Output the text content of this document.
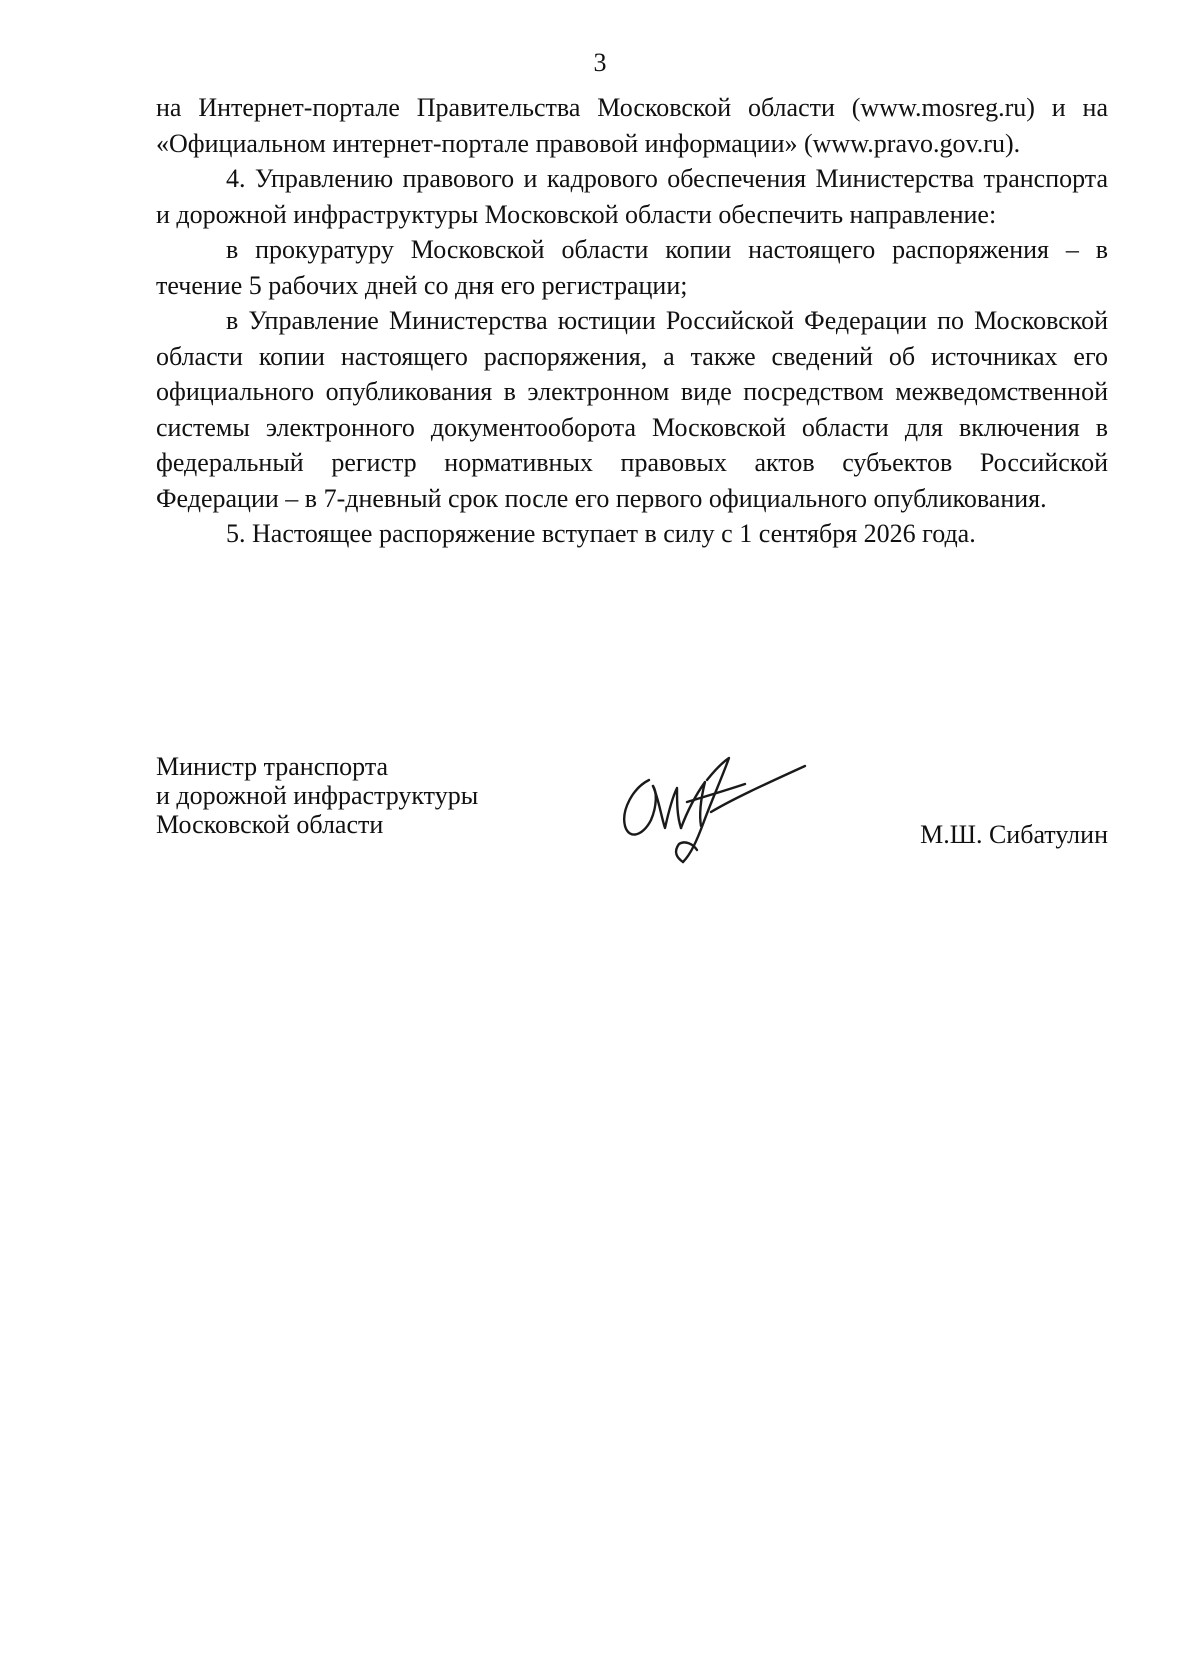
3

на Интернет-портале Правительства Московской области (www.mosreg.ru) и на «Официальном интернет-портале правовой информации» (www.pravo.gov.ru).

4. Управлению правового и кадрового обеспечения Министерства транспорта и дорожной инфраструктуры Московской области обеспечить направление:

в прокуратуру Московской области копии настоящего распоряжения – в течение 5 рабочих дней со дня его регистрации;

в Управление Министерства юстиции Российской Федерации по Московской области копии настоящего распоряжения, а также сведений об источниках его официального опубликования в электронном виде посредством межведомственной системы электронного документооборота Московской области для включения в федеральный регистр нормативных правовых актов субъектов Российской Федерации – в 7-дневный срок после его первого официального опубликования.

5. Настоящее распоряжение вступает в силу с 1 сентября 2026 года.

Министр транспорта
и дорожной инфраструктуры
Московской области	М.Ш. Сибатулин
